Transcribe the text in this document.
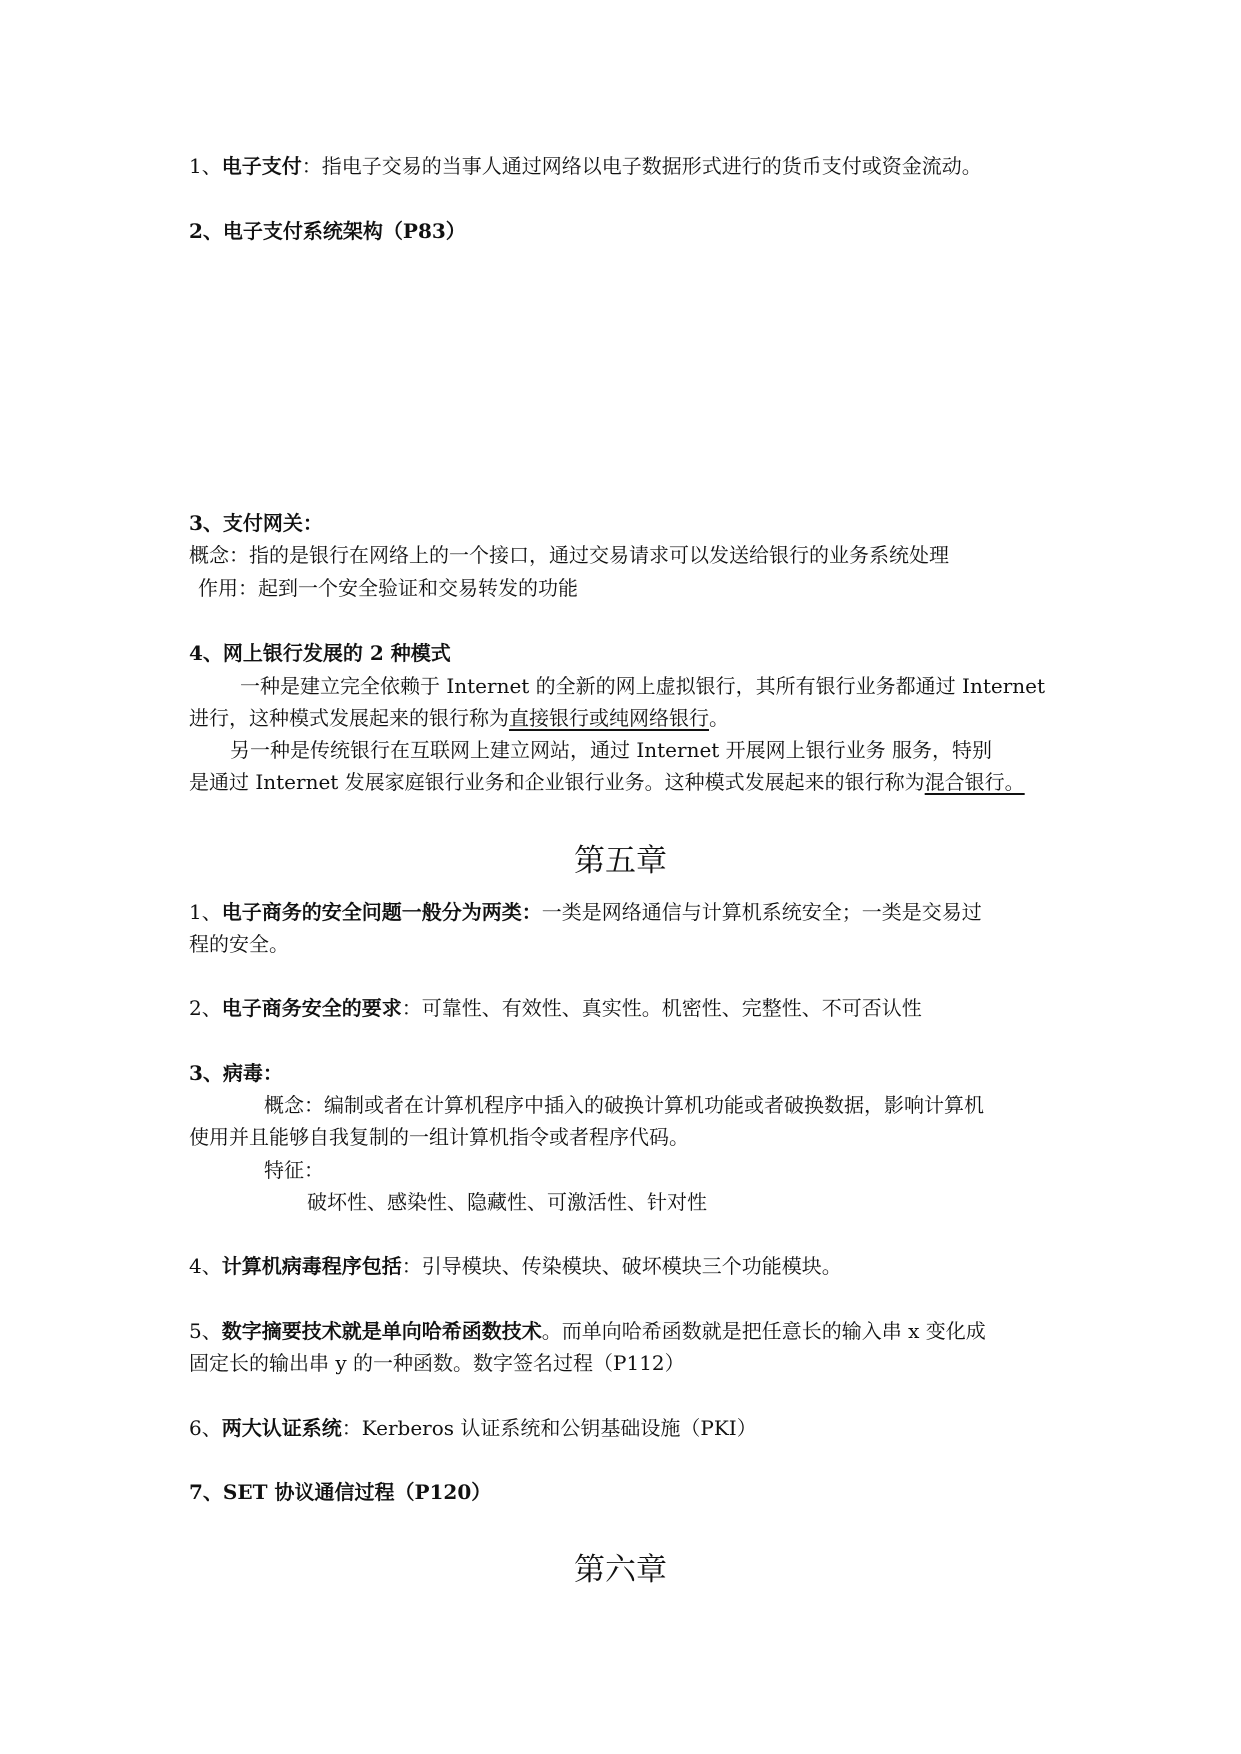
1、电子支付：指电子交易的当事人通过网络以电子数据形式进行的货币支付或资金流动。
2、电子支付系统架构（P83）
3、支付网关：
概念：指的是银行在网络上的一个接口，通过交易请求可以发送给银行的业务系统处理
作用：起到一个安全验证和交易转发的功能
4、网上银行发展的 2 种模式
一种是建立完全依赖于 Internet 的全新的网上虚拟银行，其所有银行业务都通过 Internet
进行，这种模式发展起来的银行称为直接银行或纯网络银行。
另一种是传统银行在互联网上建立网站，通过 Internet 开展网上银行业务 服务，特别
是通过 Internet 发展家庭银行业务和企业银行业务。这种模式发展起来的银行称为混合银行。
第五章
1、电子商务的安全问题一般分为两类：一类是网络通信与计算机系统安全；一类是交易过
程的安全。
2、电子商务安全的要求：可靠性、有效性、真实性。机密性、完整性、不可否认性
3、病毒：
概念：编制或者在计算机程序中插入的破换计算机功能或者破换数据，影响计算机
使用并且能够自我复制的一组计算机指令或者程序代码。
特征：
破坏性、感染性、隐藏性、可激活性、针对性
4、计算机病毒程序包括：引导模块、传染模块、破坏模块三个功能模块。
5、数字摘要技术就是单向哈希函数技术。而单向哈希函数就是把任意长的输入串 x 变化成
固定长的输出串 y 的一种函数。数字签名过程（P112）
6、两大认证系统：Kerberos 认证系统和公钥基础设施（PKI）
7、SET 协议通信过程（P120）
第六章
